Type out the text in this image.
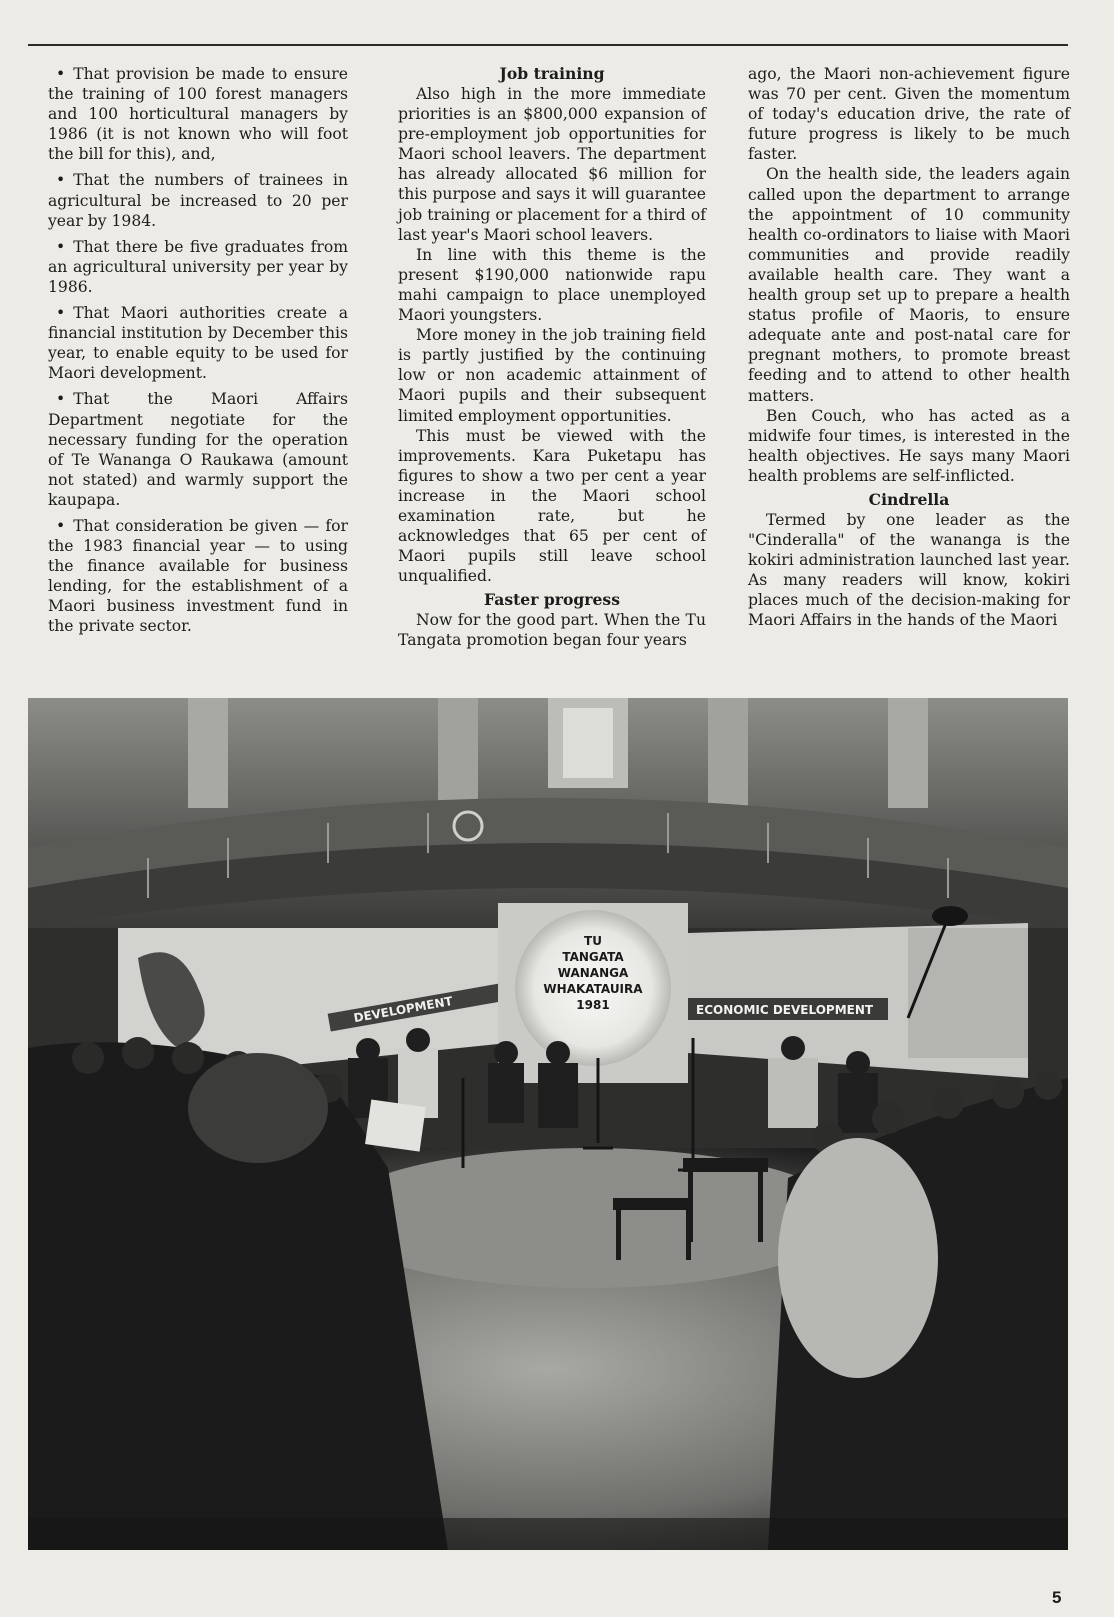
• That provision be made to ensure the training of 100 forest managers and 100 horticultural managers by 1986 (it is not known who will foot the bill for this), and,

• That the numbers of trainees in agricultural be increased to 20 per year by 1984.

• That there be five graduates from an agricultural university per year by 1986.

• That Maori authorities create a financial institution by December this year, to enable equity to be used for Maori development.

• That the Maori Affairs Department negotiate for the necessary funding for the operation of Te Wananga O Raukawa (amount not stated) and warmly support the kaupapa.

• That consideration be given — for the 1983 financial year — to using the finance available for business lending, for the establishment of a Maori business investment fund in the private sector.

Job training

Also high in the more immediate priorities is an $800,000 expansion of pre-employment job opportunities for Maori school leavers. The department has already allocated $6 million for this purpose and says it will guarantee job training or placement for a third of last year's Maori school leavers.

In line with this theme is the present $190,000 nationwide rapu mahi campaign to place unemployed Maori youngsters.

More money in the job training field is partly justified by the continuing low or non academic attainment of Maori pupils and their subsequent limited employment opportunities.

This must be viewed with the improvements. Kara Puketapu has figures to show a two per cent a year increase in the Maori school examination rate, but he acknowledges that 65 per cent of Maori pupils still leave school unqualified.

Faster progress

Now for the good part. When the Tu Tangata promotion began four years

ago, the Maori non-achievement figure was 70 per cent. Given the momentum of today's education drive, the rate of future progress is likely to be much faster.

On the health side, the leaders again called upon the department to arrange the appointment of 10 community health co-ordinators to liaise with Maori communities and provide readily available health care. They want a health group set up to prepare a health status profile of Maoris, to ensure adequate ante and post-natal care for pregnant mothers, to promote breast feeding and to attend to other health matters.

Ben Couch, who has acted as a midwife four times, is interested in the health objectives. He says many Maori health problems are self-inflicted.

Cindrella

Termed by one leader as the "Cinderalla" of the wananga is the kokiri administration launched last year. As many readers will know, kokiri places much of the decision-making for Maori Affairs in the hands of the Maori

DEVELOPMENT
TU
TANGATA
WANANGA
WHAKATAUIRA
1981	ECONOMIC DEVELOPMENT
5
